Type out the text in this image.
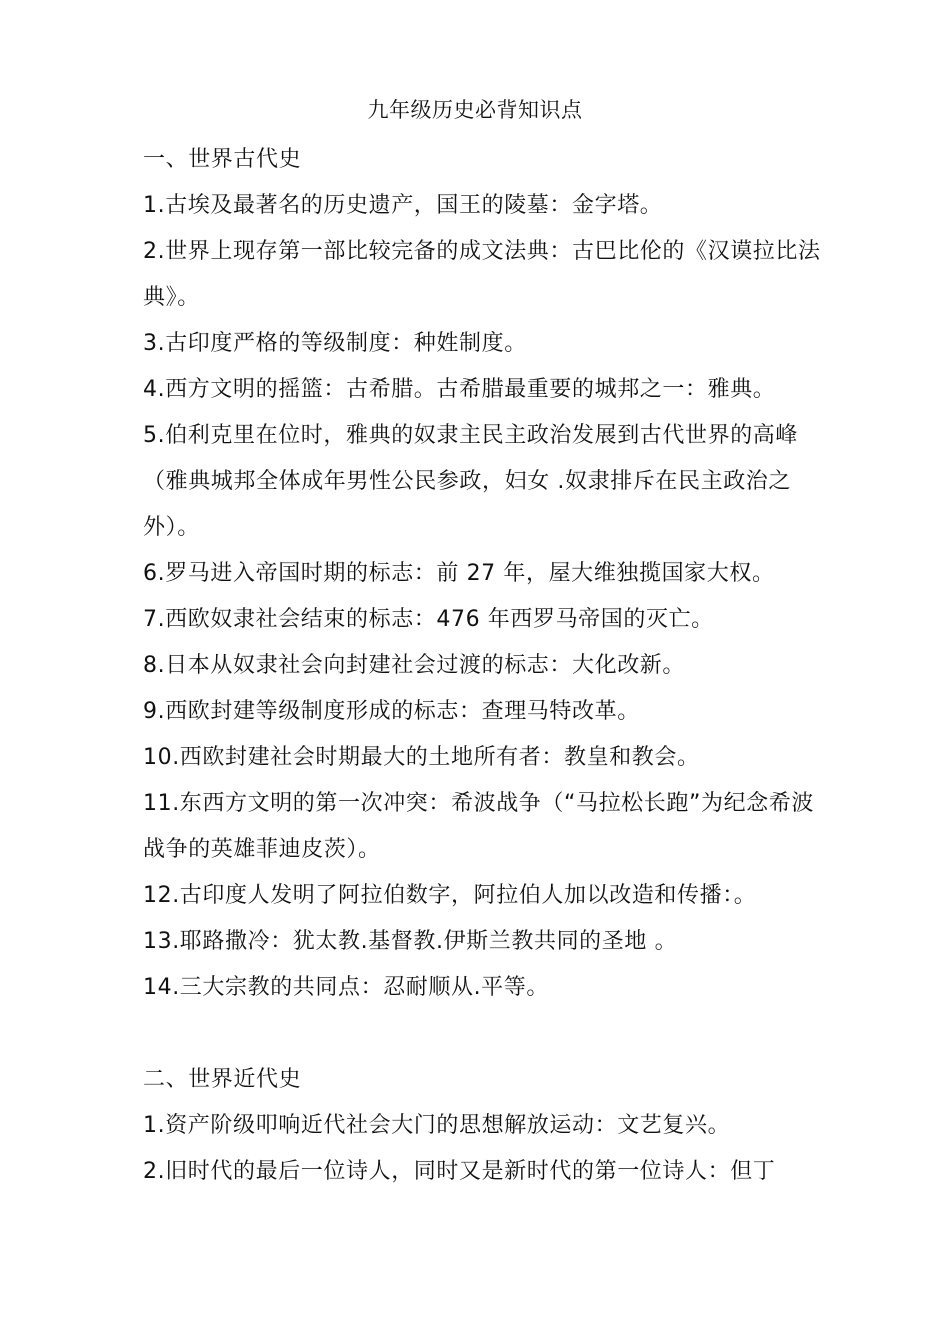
九年级历史必背知识点

一、世界古代史

1.古埃及最著名的历史遗产，国王的陵墓：金字塔。

2.世界上现存第一部比较完备的成文法典：古巴比伦的《汉谟拉比法典》。

3.古印度严格的等级制度：种姓制度。

4.西方文明的摇篮：古希腊。古希腊最重要的城邦之一：雅典。

5.伯利克里在位时，雅典的奴隶主民主政治发展到古代世界的高峰（雅典城邦全体成年男性公民参政，妇女 .奴隶排斥在民主政治之外）。

6.罗马进入帝国时期的标志：前 27 年，屋大维独揽国家大权。

7.西欧奴隶社会结束的标志：476 年西罗马帝国的灭亡。

8.日本从奴隶社会向封建社会过渡的标志：大化改新。

9.西欧封建等级制度形成的标志：查理马特改革。

10.西欧封建社会时期最大的土地所有者：教皇和教会。

11.东西方文明的第一次冲突：希波战争（“马拉松长跑”为纪念希波战争的英雄菲迪皮茨）。

12.古印度人发明了阿拉伯数字，阿拉伯人加以改造和传播：。

13.耶路撒冷：犹太教.基督教.伊斯兰教共同的圣地 。

14.三大宗教的共同点：忍耐顺从.平等。

二、世界近代史

1.资产阶级叩响近代社会大门的思想解放运动：文艺复兴。

2.旧时代的最后一位诗人，同时又是新时代的第一位诗人：但丁
